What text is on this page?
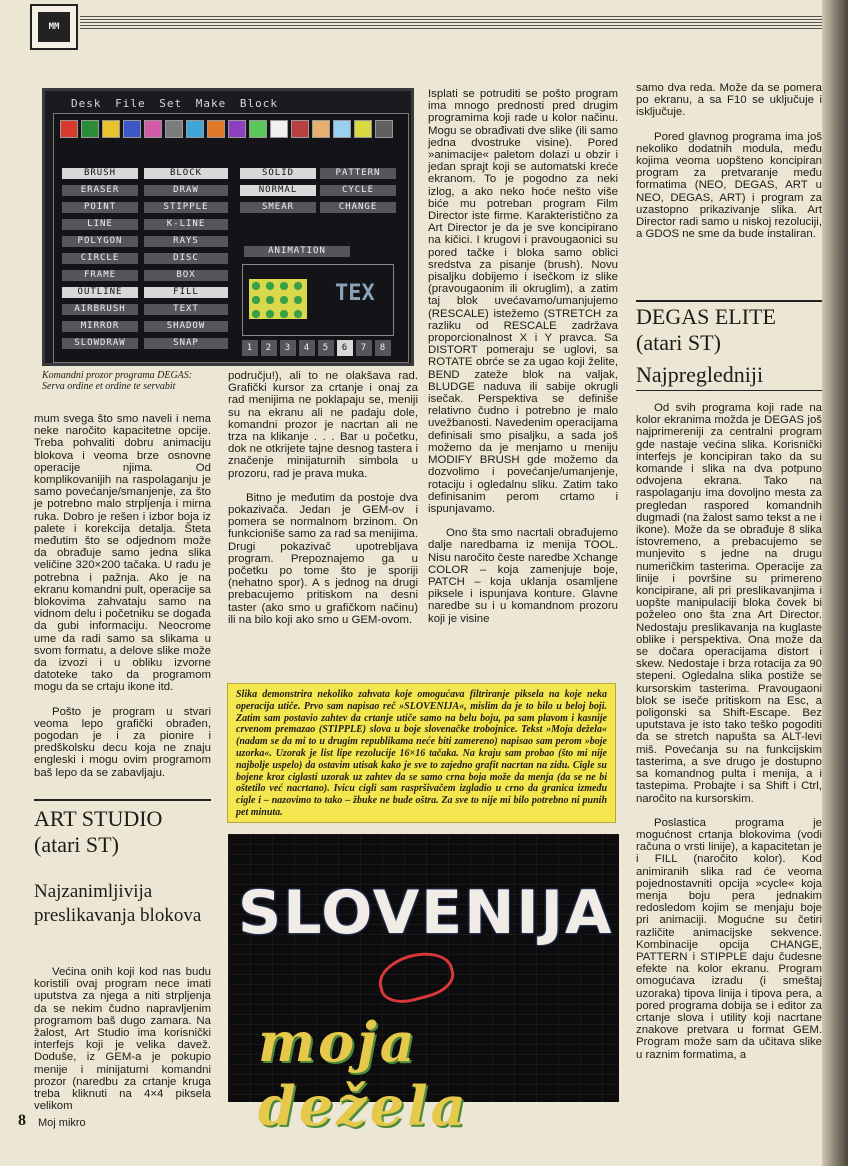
MM
Desk File Set Make Block
BRUSH
ERASER
POINT
LINE
POLYGON
CIRCLE
FRAME
OUTLINE
AIRBRUSH
MIRROR
SLOWDRAW
BLOCK
DRAW
STIPPLE
K-LINE
RAYS
DISC
BOX
FILL
TEXT
SHADOW
SNAP
SOLID	PATTERN
NORMAL	CYCLE
SMEAR	CHANGE
ANIMATION
TEX
1	2	3	4	5	6	7	8
Komandni prozor programa DEGAS: Serva ordine et ordine te servabit

mum svega što smo naveli i nema neke naročito kapacitetne opcije. Treba pohvaliti dobru animaciju blokova i veoma brze osnovne operacije njima. Od komplikovanijih na raspolaganju je samo povećanje/smanjenje, za što je potrebno malo strpljenja i mirna ruka. Dobro je rešen i izbor boja iz palete i korekcija detalja. Šteta međutim što se odjednom može da obrađuje samo jedna slika veličine 320×200 tačaka. U radu je potrebna i pažnja. Ako je na ekranu komandni pult, operacije sa blokovima zahvataju samo na vidnom delu i početniku se događa da gubi informaciju. Neocrome ume da radi samo sa slikama u svom formatu, a delove slike može da izvozi i u obliku izvorne datoteke tako da programom mogu da se crtaju ikone itd.

Pošto je program u stvari veoma lepo grafički obrađen, pogodan je i za pionire i predškolsku decu koja ne znaju engleski i mogu ovim programom baš lepo da se zabavljaju.

ART STUDIO
(atari ST)
Najzanimljivija preslikavanja blokova

Većina onih koji kod nas budu koristili ovaj program nece imati uputstva za njega a niti strpljenja da se nekim čudno napravljenim programom baš dugo zamara. Na žalost, Art Studio ima korisnički interfejs koji je velika davež. Doduše, iz GEM-a je pokupio menije i minijaturni komandni prozor (naredbu za crtanje kruga treba kliknuti na 4×4 piksela velikom

području!), ali to ne olakšava rad. Grafički kursor za crtanje i onaj za rad menijima ne poklapaju se, meniji su na ekranu ali ne padaju dole, komandni prozor je nacrtan ali ne trza na klikanje . . . Bar u početku, dok ne otkrijete tajne desnog tastera i značenje minijaturnih simbola u prozoru, rad je prava muka.

Bitno je međutim da postoje dva pokazivača. Jedan je GEM-ov i pomera se normalnom brzinom. On funkcioniše samo za rad sa menijima. Drugi pokazivač upotrebljava program. Prepoznajemo ga u početku po tome što je sporiji (nehatno spor). A s jednog na drugi prebacujemo pritiskom na desni taster (ako smo u grafičkom načinu) ili na bilo koji ako smo u GEM-ovom.

Isplati se potruditi se pošto program ima mnogo prednosti pred drugim programima koji rade u kolor načinu. Mogu se obrađivati dve slike (ili samo jedna dvostruke visine). Pored »animacije« paletom dolazi u obzir i jedan sprajt koji se automatski kreće ekranom. To je pogodno za neki izlog, a ako neko hoće nešto više biće mu potreban program Film Director iste firme. Karakteristično za Art Director je da je sve koncipirano na kičici. I krugovi i pravougaonici su pored tačke i bloka samo oblici sredstva za pisanje (brush). Novu pisaljku dobijemo i isečkom iz slike (pravougaonim ili okruglim), a zatim taj blok uvećavamo/umanjujemo (RESCALE) istežemo (STRETCH za razliku od RESCALE zadržava proporcionalnost X i Y pravca. Sa DISTORT pomeraju se uglovi, sa ROTATE obrće se za ugao koji želite, BEND zateže blok na valjak, BLUDGE naduva ili sabije okrugli isečak. Perspektiva se definiše relativno čudno i potrebno je malo uvežbanosti. Navedenim operacijama definisali smo pisaljku, a sada još možemo da je menjamo u meniju MODIFY BRUSH gde možemo da dozvolimo i povećanje/umanjenje, rotaciju i ogledalnu sliku. Zatim tako definisanim perom crtamo i ispunjavamo.

Ono šta smo nacrtali obrađujemo dalje naredbama iz menija TOOL. Nisu naročito česte naredbe Xchange COLOR – koja zamenjuje boje, PATCH – koja uklanja osamljene piksele i ispunjava konture. Glavne naredbe su i u komandnom prozoru koji je visine

Slika demonstrira nekoliko zahvata koje omogućava filtriranje piksela na koje neka operacija utiče. Prvo sam napisao reč »SLOVENIJA«, mislim da je to bilo u beloj boji. Zatim sam postavio zahtev da crtanje utiče samo na belu boju, pa sam plavom i kasnije crvenom premazao (STIPPLE) slova u boje slovenačke trobojnice. Tekst »Moja dežela« (nadam se da mi to u drugim republikama neće biti zamereno) napisao sam perom »boje uzorka«. Uzorak je list lipe rezolucije 16×16 tačaka. Na kraju sam probao (što mi nije najbolje uspelo) da ostavim utisak kako je sve to zajedno grafit nacrtan na zidu. Cigle su bojene kroz ciglasti uzorak uz zahtev da se samo crna boja može da menja (da se ne bi oštetilo već nacrtano). Ivicu cigli sam raspršivačem izgladio u crno da granica između cigle i – nazovimo to tako – žbuke ne bude oštra. Za sve to nije mi bilo potrebno ni punih pet minuta.
SLOVENIJA
moja dežela

samo dva reda. Može da se pomera po ekranu, a sa F10 se uključuje i isključuje.

Pored glavnog programa ima još nekoliko dodatnih modula, među kojima veoma uopšteno koncipiran program za pretvaranje među formatima (NEO, DEGAS, ART u NEO, DEGAS, ART) i program za uzastopno prikazivanje slika. Art Director radi samo u niskoj rezoluciji, a GDOS ne sme da bude instaliran.

DEGAS ELITE
(atari ST)
Najpregledniji

Od svih programa koji rade na kolor ekranima možda je DEGAS još najprimereniji za centralni program gde nastaje većina slika. Korisnički interfejs je koncipiran tako da su komande i slika na dva potpuno odvojena ekrana. Tako na raspolaganju ima dovoljno mesta za pregledan raspored komandnih dugmadi (na žalost samo tekst a ne i ikone). Može da se obrađuje 8 slika istovremeno, a prebacujemo se munjevito s jedne na drugu numeričkim tasterima. Operacije za linije i površine su primereno koncipirane, ali pri preslikavanjima i uopšte manipulaciji bloka čovek bi poželeo ono šta zna Art Director. Nedostaju preslikavanja na kuglaste oblike i perspektiva. Ona može da se dočara operacijama distort i skew. Nedostaje i brza rotacija za 90 stepeni. Ogledalna slika postiže se kursorskim tasterima. Pravougaoni blok se iseče pritiskom na Esc, a poligonski sa Shift-Escape. Bez uputstava je isto tako teško pogoditi da se stretch napušta sa ALT-levi miš. Povećanja su na funkcijskim tasterima, a sve drugo je dostupno sa komandnog pulta i menija, a i tastерima. Probajte i sa Shift i Ctrl, naročito na kursorskim.

Poslastica programa je mogućnost crtanja blokovima (vodi računa o vrsti linije), a kapacitetan je i FILL (naročito kolor). Kod animiranih slika rad će veoma pojednostavniti opcija »cycle« koja menja boju pera jednakim redosledom kojim se menjaju boje pri animaciji. Mogućne su četiri različite animacijske sekvence. Kombinacije opcija CHANGE, PATTERN i STIPPLE daju čudesne efekte na kolor ekranu. Program omogućava izradu (i smeštaj uzoraka) tipova linija i tipova pera, a pored programa dobija se i editor za crtanje slova i utility koji nacrtane znakove pretvara u format GEM. Program može sam da učitava slike u raznim formatima, a

8 Moj mikro
